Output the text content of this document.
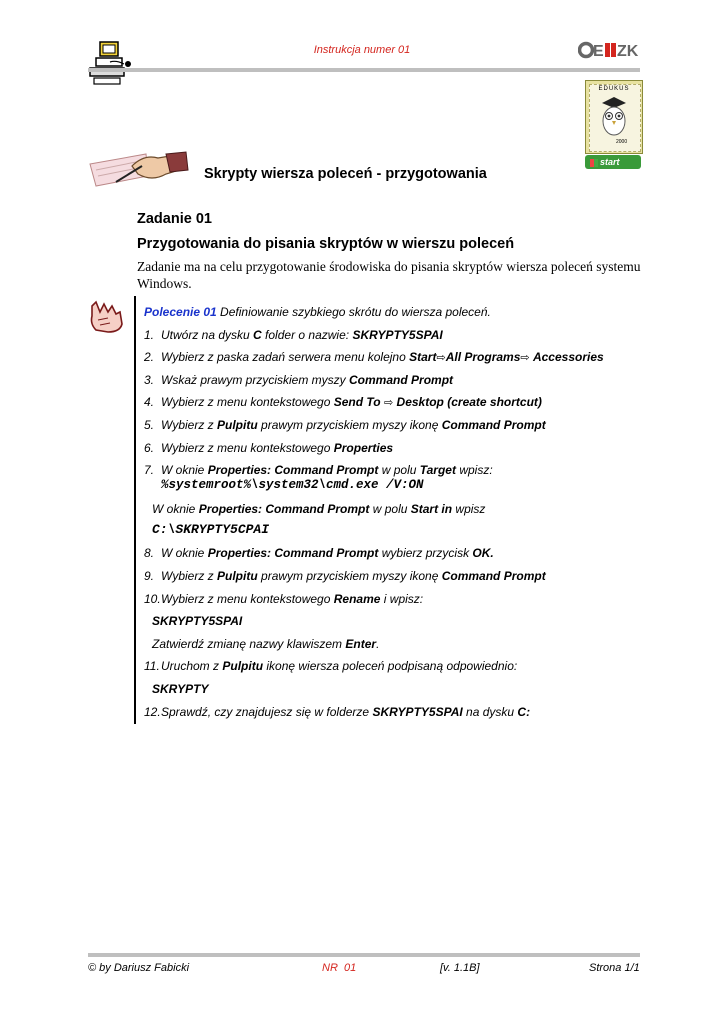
Instrukcja numer 01	E ZK
EDUKUS
2000
start
Skrypty wiersza poleceń - przygotowania
Zadanie 01
Przygotowania do pisania skryptów w wierszu poleceń
Zadanie ma na celu przygotowanie środowiska do pisania skryptów wiersza poleceń systemu Windows.
Polecenie 01 Definiowanie szybkiego skrótu do wiersza poleceń.
1. Utwórz na dysku C folder o nazwie: SKRYPTY5SPAI
2. Wybierz z paska zadań serwera menu kolejno Start⇨All Programs⇨ Accessories
3. Wskaż prawym przyciskiem myszy Command Prompt
4. Wybierz z menu kontekstowego Send To ⇨ Desktop (create shortcut)
5. Wybierz z Pulpitu prawym przyciskiem myszy ikonę Command Prompt
6. Wybierz z menu kontekstowego Properties
7. W oknie Properties: Command Prompt w polu Target wpisz:
%systemroot%\system32\cmd.exe /V:ON
W oknie Properties: Command Prompt w polu Start in wpisz
C:\SKRYPTY5CPAI
8. W oknie Properties: Command Prompt wybierz przycisk OK.
9. Wybierz z Pulpitu prawym przyciskiem myszy ikonę Command Prompt
10.Wybierz z menu kontekstowego Rename i wpisz:
SKRYPTY5SPAI
Zatwierdź zmianę nazwy klawiszem Enter.
11.Uruchom z Pulpitu ikonę wiersza poleceń podpisaną odpowiednio:
SKRYPTY
12.Sprawdź, czy znajdujesz się w folderze SKRYPTY5SPAI na dysku C:
© by Dariusz Fabicki	NR  01	[v. 1.1B]	Strona 1/1
